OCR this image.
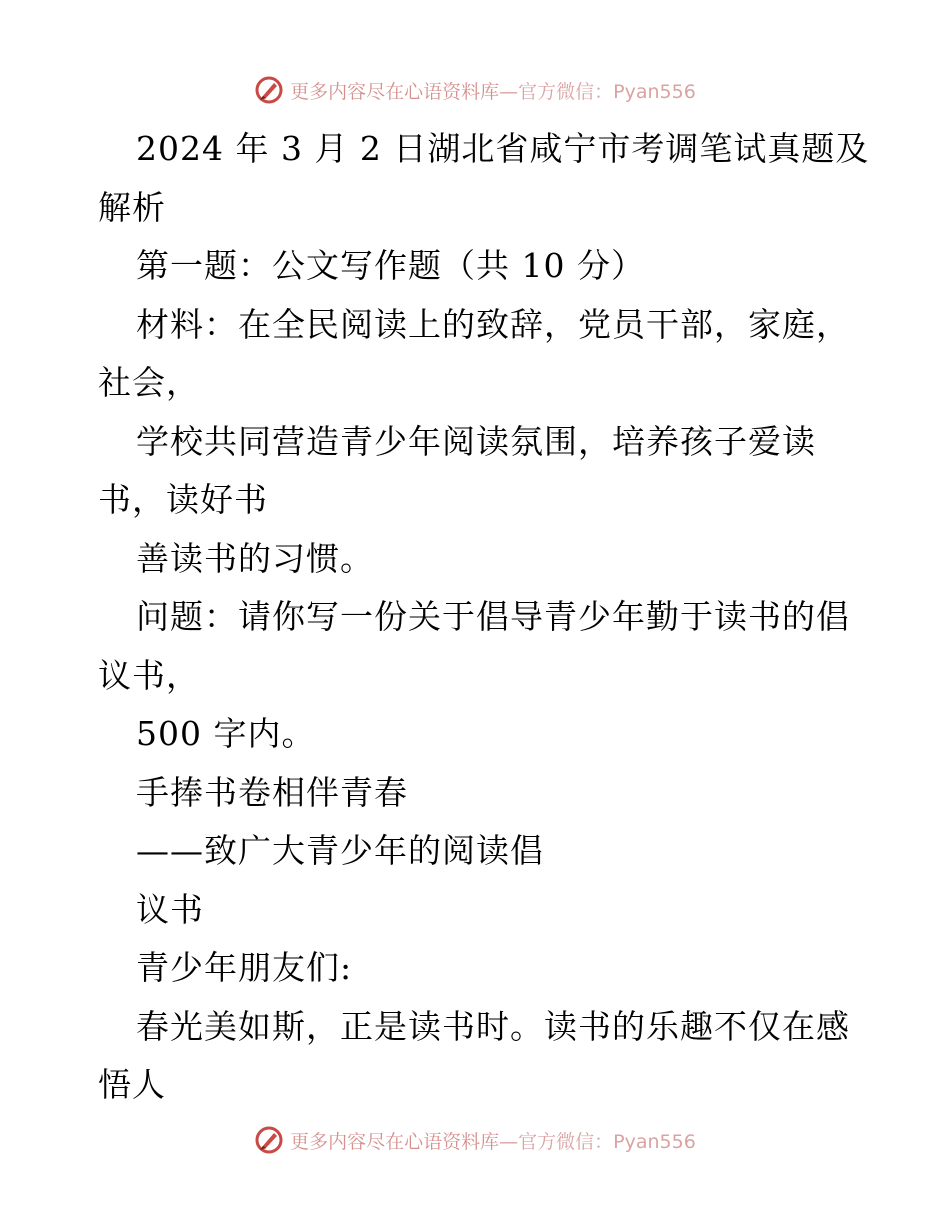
更多内容尽在心语资料库—官方微信：Pyan556
2024 年 3 月 2 日湖北省咸宁市考调笔试真题及
解析
第一题：公文写作题（共 10 分）
材料：在全民阅读上的致辞，党员干部，家庭，
社会，
学校共同营造青少年阅读氛围，培养孩子爱读
书，读好书
善读书的习惯。
问题：请你写一份关于倡导青少年勤于读书的倡
议书，
500 字内。
手捧书卷相伴青春
——致广大青少年的阅读倡
议书
青少年朋友们:
春光美如斯，正是读书时。读书的乐趣不仅在感
悟人
更多内容尽在心语资料库—官方微信：Pyan556
